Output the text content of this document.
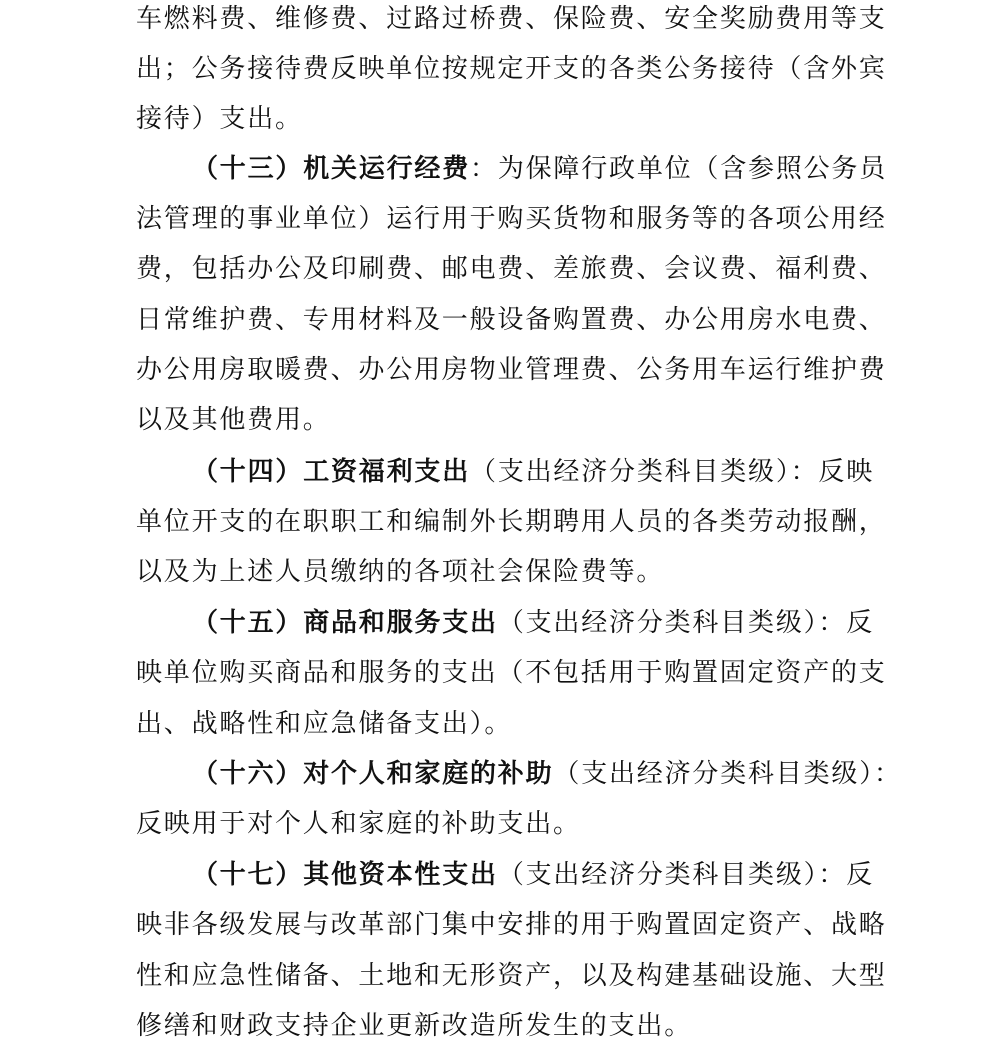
车燃料费、维修费、过路过桥费、保险费、安全奖励费用等支
出；公务接待费反映单位按规定开支的各类公务接待（含外宾
接待）支出。
（十三）机关运行经费：为保障行政单位（含参照公务员
法管理的事业单位）运行用于购买货物和服务等的各项公用经
费，包括办公及印刷费、邮电费、差旅费、会议费、福利费、
日常维护费、专用材料及一般设备购置费、办公用房水电费、
办公用房取暖费、办公用房物业管理费、公务用车运行维护费
以及其他费用。
（十四）工资福利支出（支出经济分类科目类级）：反映
单位开支的在职职工和编制外长期聘用人员的各类劳动报酬，
以及为上述人员缴纳的各项社会保险费等。
（十五）商品和服务支出（支出经济分类科目类级）：反
映单位购买商品和服务的支出（不包括用于购置固定资产的支
出、战略性和应急储备支出）。
（十六）对个人和家庭的补助（支出经济分类科目类级）：
反映用于对个人和家庭的补助支出。
（十七）其他资本性支出（支出经济分类科目类级）：反
映非各级发展与改革部门集中安排的用于购置固定资产、战略
性和应急性储备、土地和无形资产，以及构建基础设施、大型
修缮和财政支持企业更新改造所发生的支出。
